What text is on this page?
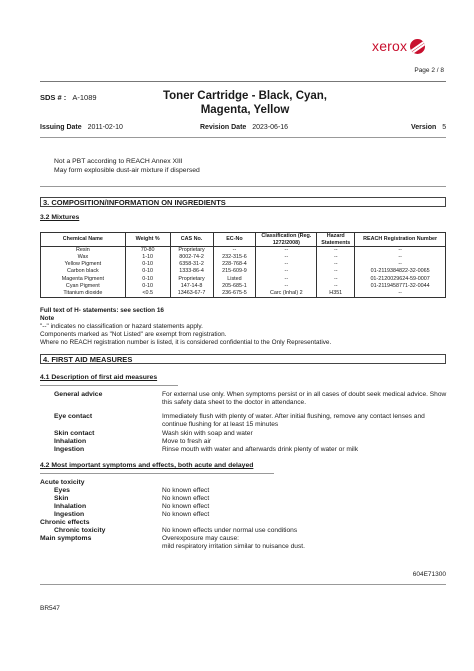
xerox
Page 2 / 8
SDS # : A-1089	Toner Cartridge - Black, Cyan,
Magenta, Yellow
Issuing Date 2011-02-10	Revision Date 2023-06-16	Version 5
Not a PBT according to REACH Annex XIII
May form explosible dust-air mixture if dispersed
3. COMPOSITION/INFORMATION ON INGREDIENTS
3.2 Mixtures
Chemical Name	Weight %	CAS No.	EC-No	Classification (Reg. 1272/2008)	Hazard Statements	REACH Registration Number
Resin	70-80	Proprietary	--	--	--	--
Wax	1-10	8002-74-2	232-315-6	--	--	--
Yellow Pigment	0-10	6358-31-2	228-768-4	--	--	--
Carbon black	0-10	1333-86-4	215-609-9	--	--	01-2119384822-32-0065
Magenta Pigment	0-10	Proprietary	Listed	--	--	01-2120029624-59-0007
Cyan Pigment	0-10	147-14-8	205-685-1	--	--	01-2119458771-32-0044
Titanium dioxide	<0.5	13463-67-7	236-675-5	Carc (Inhal) 2	H351	--
Full text of H- statements: see section 16
Note
"--" indicates no classification or hazard statements apply.
Components marked as "Not Listed" are exempt from registration.
Where no REACH registration number is listed, it is considered confidential to the Only Representative.
4. FIRST AID MEASURES
4.1 Description of first aid measures
General advice	For external use only. When symptoms persist or in all cases of doubt seek medical advice. Show this safety data sheet to the doctor in attendance.
Eye contact	Immediately flush with plenty of water. After initial flushing, remove any contact lenses and continue flushing for at least 15 minutes
Skin contact	Wash skin with soap and water
Inhalation	Move to fresh air
Ingestion	Rinse mouth with water and afterwards drink plenty of water or milk
4.2 Most important symptoms and effects, both acute and delayed
Acute toxicity
Eyes	No known effect
Skin	No known effect
Inhalation	No known effect
Ingestion	No known effect
Chronic effects
Chronic toxicity	No known effects under normal use conditions
Main symptoms	Overexposure may cause:
mild respiratory irritation similar to nuisance dust.
604E71300
BR547
